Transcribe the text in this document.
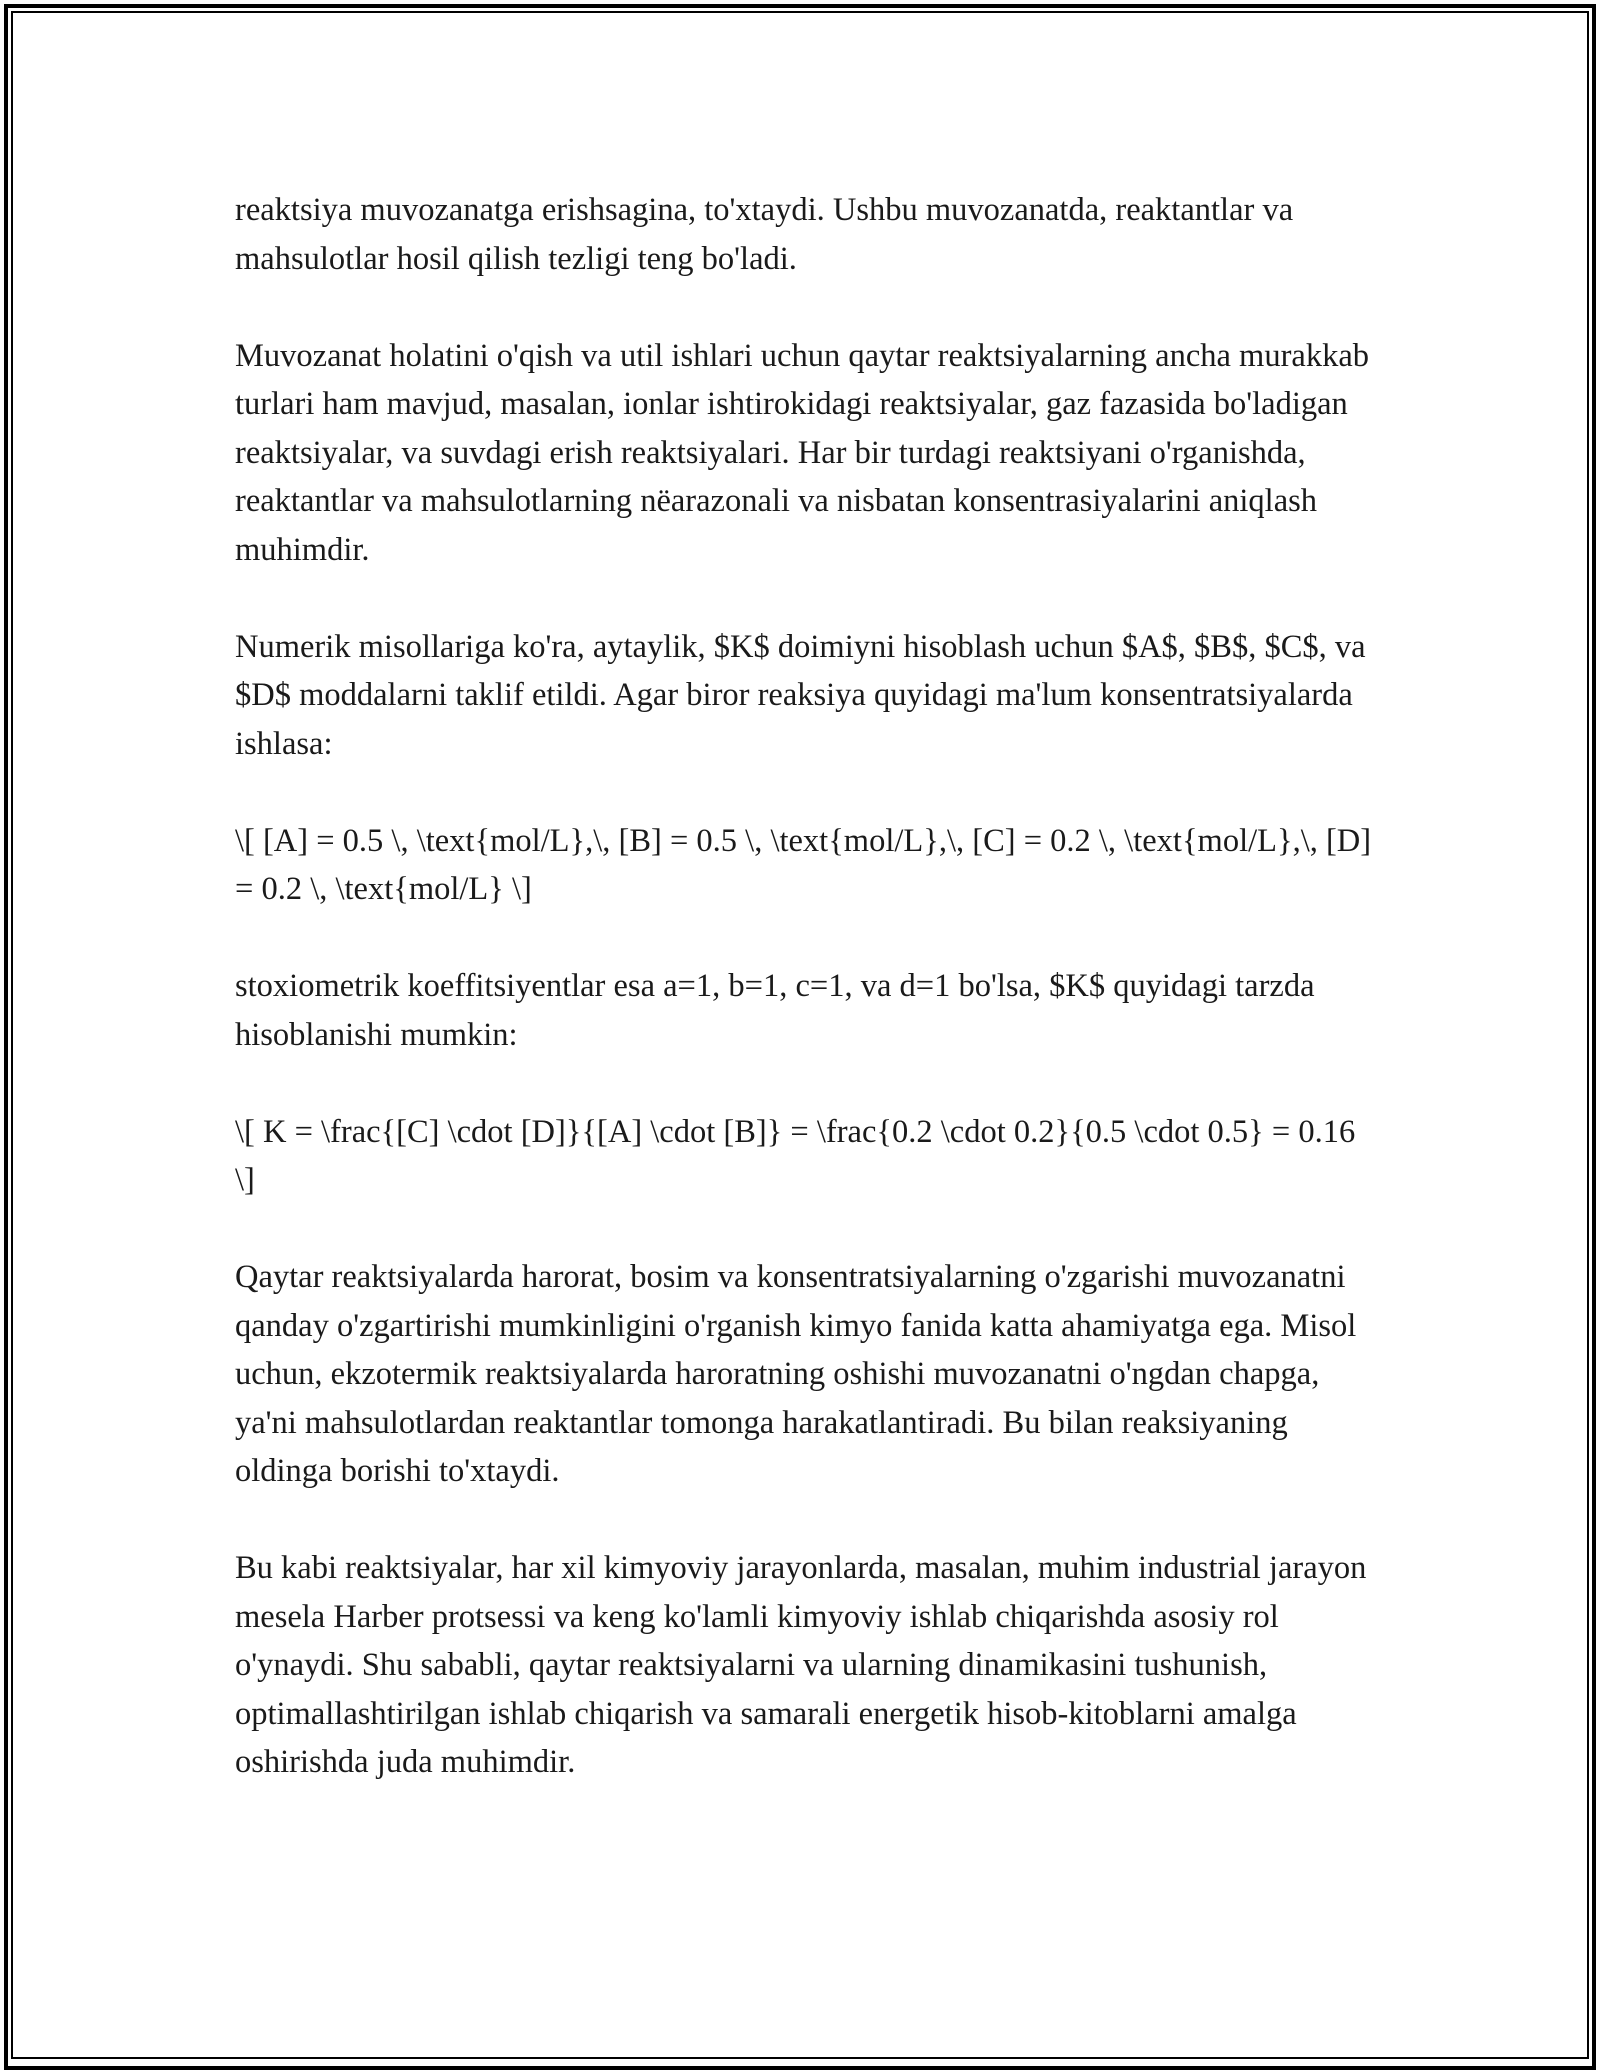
reaktsiya muvozanatga erishsagina, to'xtaydi. Ushbu muvozanatda, reaktantlar va mahsulotlar hosil qilish tezligi teng bo'ladi.

Muvozanat holatini o'qish va util ishlari uchun qaytar reaktsiyalarning ancha murakkab turlari ham mavjud, masalan, ionlar ishtirokidagi reaktsiyalar, gaz fazasida bo'ladigan reaktsiyalar, va suvdagi erish reaktsiyalari. Har bir turdagi reaktsiyani o'rganishda, reaktantlar va mahsulotlarning nëarazonali va nisbatan konsentrasiyalarini aniqlash muhimdir.

Numerik misollariga ko'ra, aytaylik, $K$ doimiyni hisoblash uchun $A$, $B$, $C$, va $D$ moddalarni taklif etildi. Agar biror reaksiya quyidagi ma'lum konsentratsiyalarda ishlasa:

\[ [A] = 0.5 \, \text{mol/L},\, [B] = 0.5 \, \text{mol/L},\, [C] = 0.2 \, \text{mol/L},\, [D] = 0.2 \, \text{mol/L} \]

stoxiometrik koeffitsiyentlar esa a=1, b=1, c=1, va d=1 bo'lsa, $K$ quyidagi tarzda hisoblanishi mumkin:

\[ K = \frac{[C] \cdot [D]}{[A] \cdot [B]} = \frac{0.2 \cdot 0.2}{0.5 \cdot 0.5} = 0.16 \]

Qaytar reaktsiyalarda harorat, bosim va konsentratsiyalarning o'zgarishi muvozanatni qanday o'zgartirishi mumkinligini o'rganish kimyo fanida katta ahamiyatga ega. Misol uchun, ekzotermik reaktsiyalarda haroratning oshishi muvozanatni o'ngdan chapga, ya'ni mahsulotlardan reaktantlar tomonga harakatlantiradi. Bu bilan reaksiyaning oldinga borishi to'xtaydi.

Bu kabi reaktsiyalar, har xil kimyoviy jarayonlarda, masalan, muhim industrial jarayon mesela Harber protsessi va keng ko'lamli kimyoviy ishlab chiqarishda asosiy rol o'ynaydi. Shu sababli, qaytar reaktsiyalarni va ularning dinamikasini tushunish, optimallashtirilgan ishlab chiqarish va samarali energetik hisob-kitoblarni amalga oshirishda juda muhimdir.
